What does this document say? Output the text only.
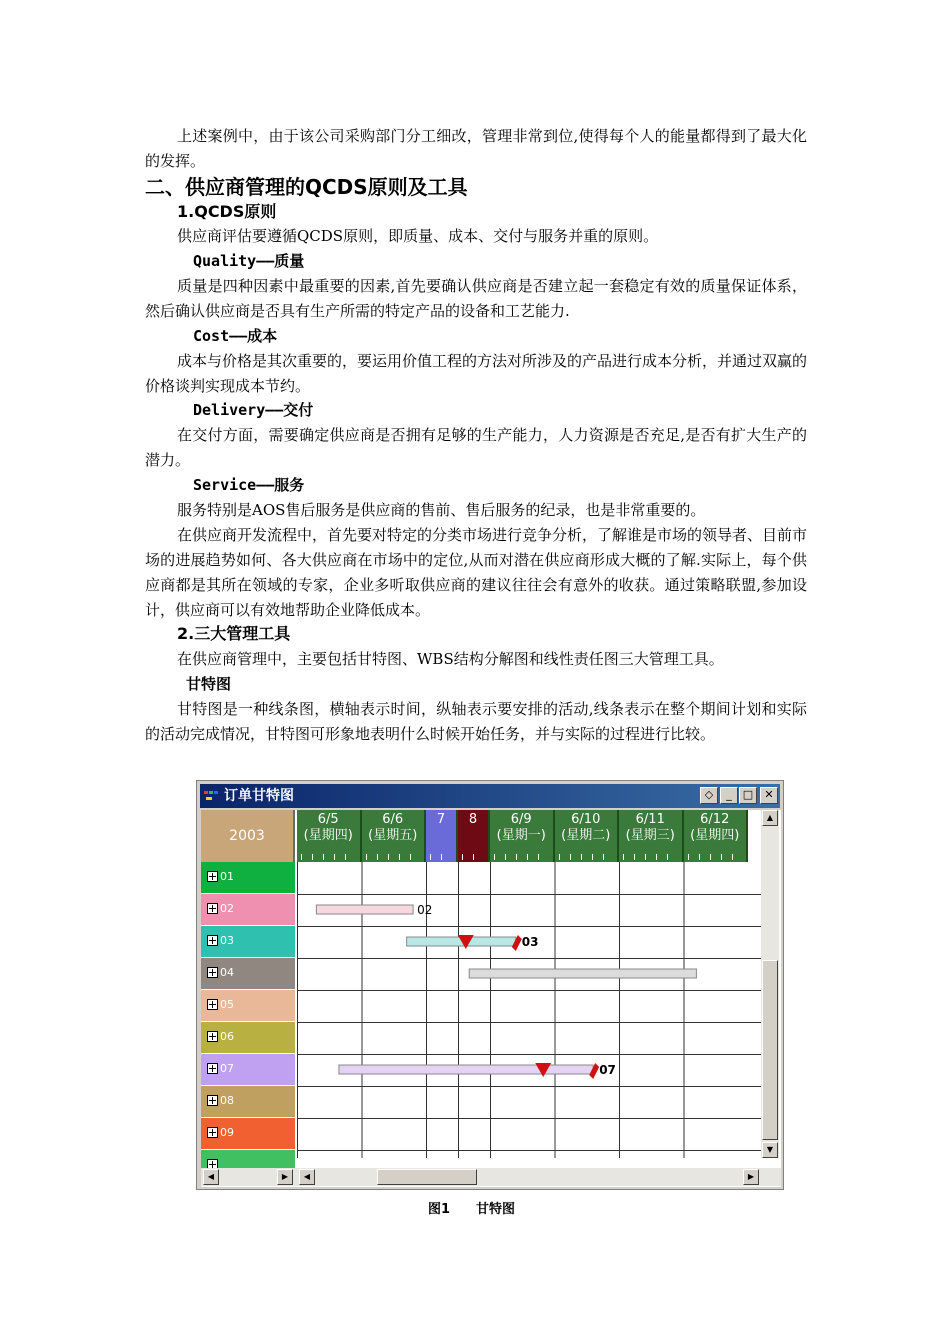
上述案例中，由于该公司采购部门分工细改，管理非常到位,使得每个人的能量都得到了最大化的发挥。

二、供应商管理的QCDS原则及工具
1.QCDS原则

供应商评估要遵循QCDS原则，即质量、成本、交付与服务并重的原则。

Quality——质量

质量是四种因素中最重要的因素,首先要确认供应商是否建立起一套稳定有效的质量保证体系，然后确认供应商是否具有生产所需的特定产品的设备和工艺能力.

Cost——成本

成本与价格是其次重要的，要运用价值工程的方法对所涉及的产品进行成本分析，并通过双赢的价格谈判实现成本节约。

Delivery——交付

在交付方面，需要确定供应商是否拥有足够的生产能力，人力资源是否充足,是否有扩大生产的潜力。

Service——服务

服务特别是AOS售后服务是供应商的售前、售后服务的纪录，也是非常重要的。

在供应商开发流程中，首先要对特定的分类市场进行竞争分析，了解谁是市场的领导者、目前市场的进展趋势如何、各大供应商在市场中的定位,从而对潜在供应商形成大概的了解.实际上，每个供应商都是其所在领域的专家，企业多听取供应商的建议往往会有意外的收获。通过策略联盟,参加设计，供应商可以有效地帮助企业降低成本。

2.三大管理工具

在供应商管理中，主要包括甘特图、WBS结构分解图和线性责任图三大管理工具。

甘特图

甘特图是一种线条图，横轴表示时间，纵轴表示要安排的活动,线条表示在整个期间计划和实际的活动完成情况，甘特图可形象地表明什么时候开始任务，并与实际的过程进行比较。

订单甘特图	◇	_	□	✕
2003
01
02
03
04
05
06
07
08
09
6/5
(星期四)
6/6
(星期五)
7	8	6/9
(星期一)
6/10
(星期二)
6/11
(星期三)
6/12
(星期四)
02
03
07
▲
▼
◀	▶	◀	▶
图1 甘特图
